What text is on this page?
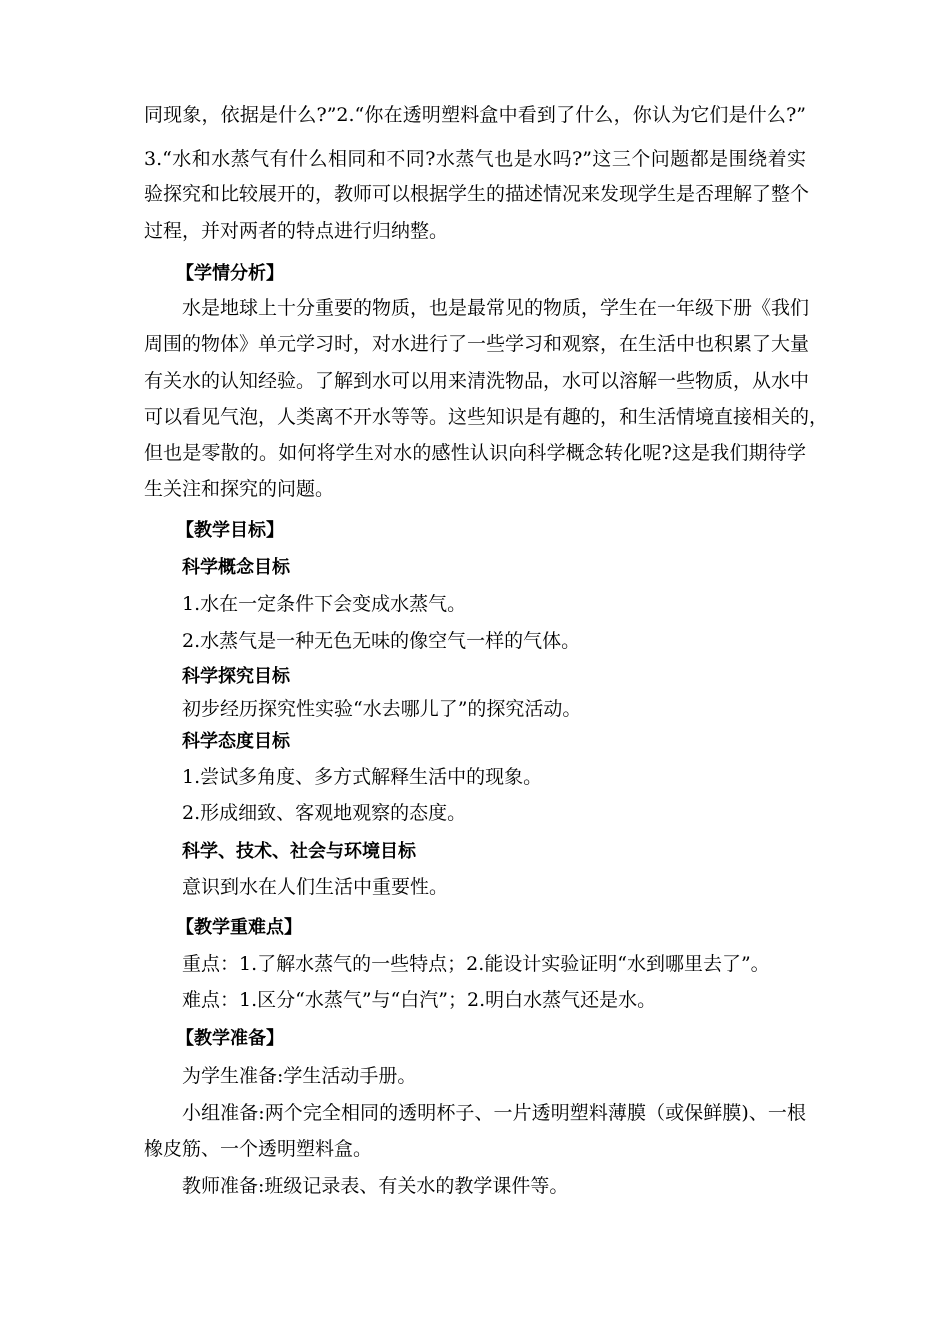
同现象，依据是什么?”2.“你在透明塑料盒中看到了什么，你认为它们是什么?”
3.“水和水蒸气有什么相同和不同?水蒸气也是水吗?”这三个问题都是围绕着实
验探究和比较展开的，教师可以根据学生的描述情况来发现学生是否理解了整个
过程，并对两者的特点进行归纳整。
【学情分析】
水是地球上十分重要的物质，也是最常见的物质，学生在一年级下册《我们
周围的物体》单元学习时，对水进行了一些学习和观察，在生活中也积累了大量
有关水的认知经验。了解到水可以用来清洗物品，水可以溶解一些物质，从水中
可以看见气泡，人类离不开水等等。这些知识是有趣的，和生活情境直接相关的，
但也是零散的。如何将学生对水的感性认识向科学概念转化呢?这是我们期待学
生关注和探究的问题。
【教学目标】
科学概念目标
1.水在一定条件下会变成水蒸气。
2.水蒸气是一种无色无味的像空气一样的气体。
科学探究目标
初步经历探究性实验“水去哪儿了”的探究活动。
科学态度目标
1.尝试多角度、多方式解释生活中的现象。
2.形成细致、客观地观察的态度。
科学、技术、社会与环境目标
意识到水在人们生活中重要性。
【教学重难点】
重点：1.了解水蒸气的一些特点；2.能设计实验证明“水到哪里去了”。
难点：1.区分“水蒸气”与“白汽”；2.明白水蒸气还是水。
【教学准备】
为学生准备:学生活动手册。
小组准备:两个完全相同的透明杯子、一片透明塑料薄膜（或保鲜膜)、一根
橡皮筋、一个透明塑料盒。
教师准备:班级记录表、有关水的教学课件等。
